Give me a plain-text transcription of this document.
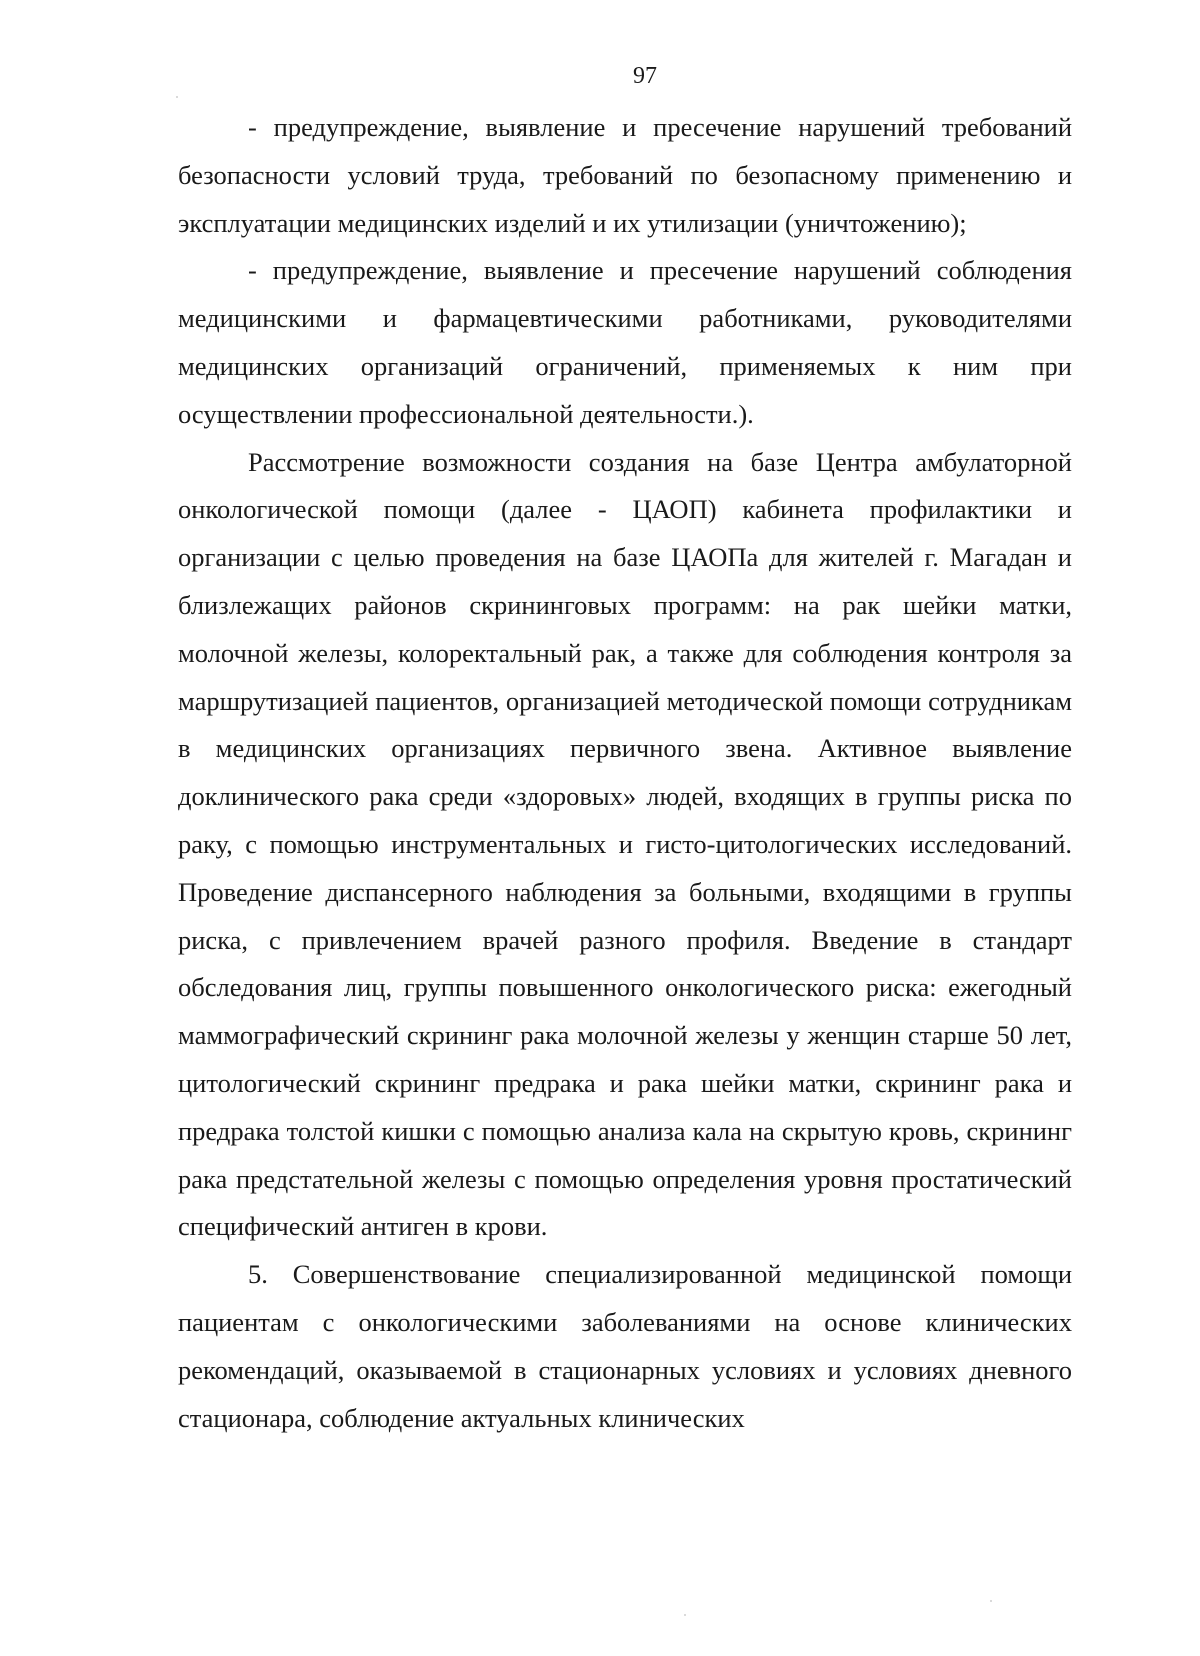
97

- предупреждение, выявление и пресечение нарушений требований безопасности условий труда, требований по безопасному применению и эксплуатации медицинских изделий и их утилизации (уничтожению);

- предупреждение, выявление и пресечение нарушений соблюдения медицинскими и фармацевтическими работниками, руководителями медицинских организаций ограничений, применяемых к ним при осуществлении профессиональной деятельности.).

Рассмотрение возможности создания на базе Центра амбулаторной онкологической помощи (далее - ЦАОП) кабинета профилактики и организации с целью проведения на базе ЦАОПа для жителей г. Магадан и близлежащих районов скрининговых программ: на рак шейки матки, молочной железы, колоректальный рак, а также для соблюдения контроля за маршрутизацией пациентов, организацией методической помощи сотрудникам в медицинских организациях первичного звена. Активное выявление доклинического рака среди «здоровых» людей, входящих в группы риска по раку, с помощью инструментальных и гисто-цитологических исследований. Проведение диспансерного наблюдения за больными, входящими в группы риска, с привлечением врачей разного профиля. Введение в стандарт обследования лиц, группы повышенного онкологического риска: ежегодный маммографический скрининг рака молочной железы у женщин старше 50 лет, цитологический скрининг предрака и рака шейки матки, скрининг рака и предрака толстой кишки с помощью анализа кала на скрытую кровь, скрининг рака предстательной железы с помощью определения уровня простатический специфический антиген в крови.

5. Совершенствование специализированной медицинской помощи пациентам с онкологическими заболеваниями на основе клинических рекомендаций, оказываемой в стационарных условиях и условиях дневного стационара, соблюдение актуальных клинических
